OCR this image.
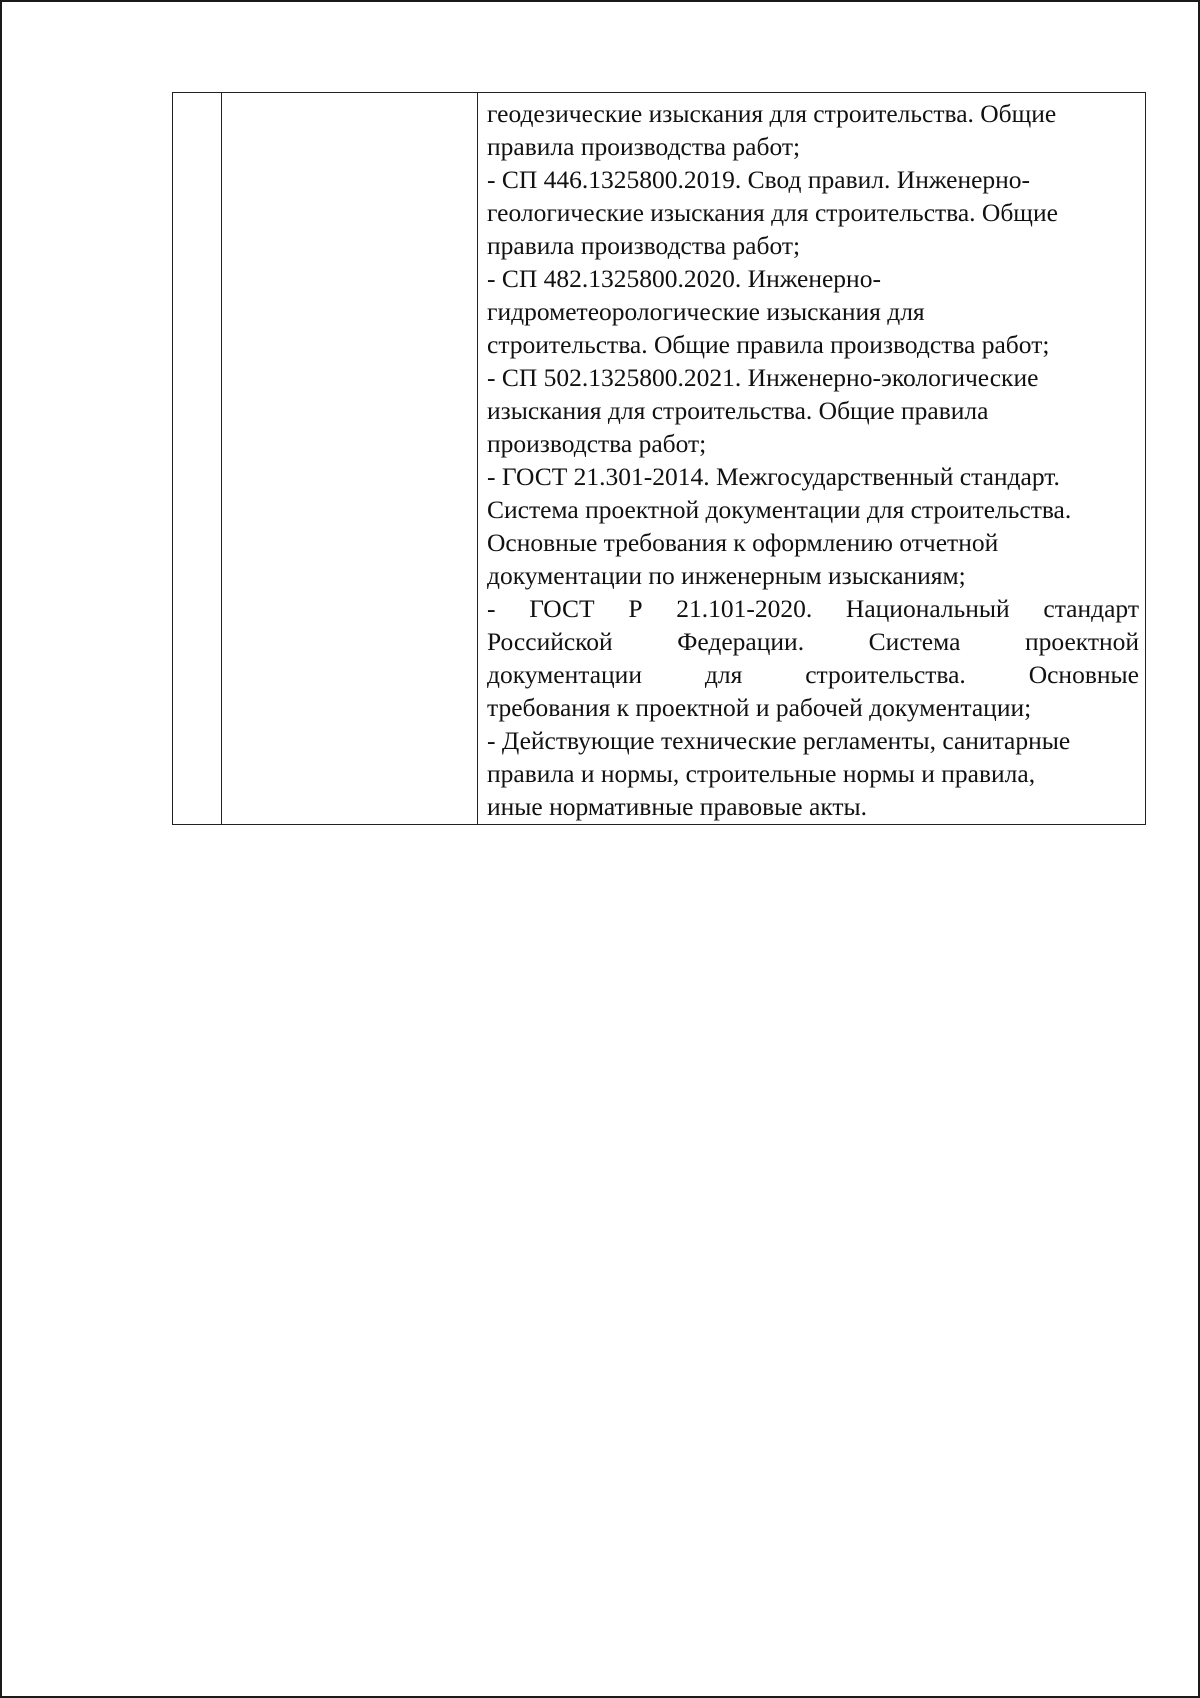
геодезические изыскания для строительства. Общие
правила производства работ;
- СП 446.1325800.2019. Свод правил. Инженерно-
геологические изыскания для строительства. Общие
правила производства работ;
- СП 482.1325800.2020. Инженерно-
гидрометеорологические изыскания для
строительства. Общие правила производства работ;
- СП 502.1325800.2021. Инженерно-экологические
изыскания для строительства. Общие правила
производства работ;
- ГОСТ 21.301-2014. Межгосударственный стандарт.
Система проектной документации для строительства.
Основные требования к оформлению отчетной
документации по инженерным изысканиям;
- ГОСТ Р 21.101-2020. Национальный стандарт
Российской	Федерации.	Система	проектной
документации для строительства. Основные
требования к проектной и рабочей документации;
- Действующие технические регламенты, санитарные
правила и нормы, строительные нормы и правила,
иные нормативные правовые акты.
